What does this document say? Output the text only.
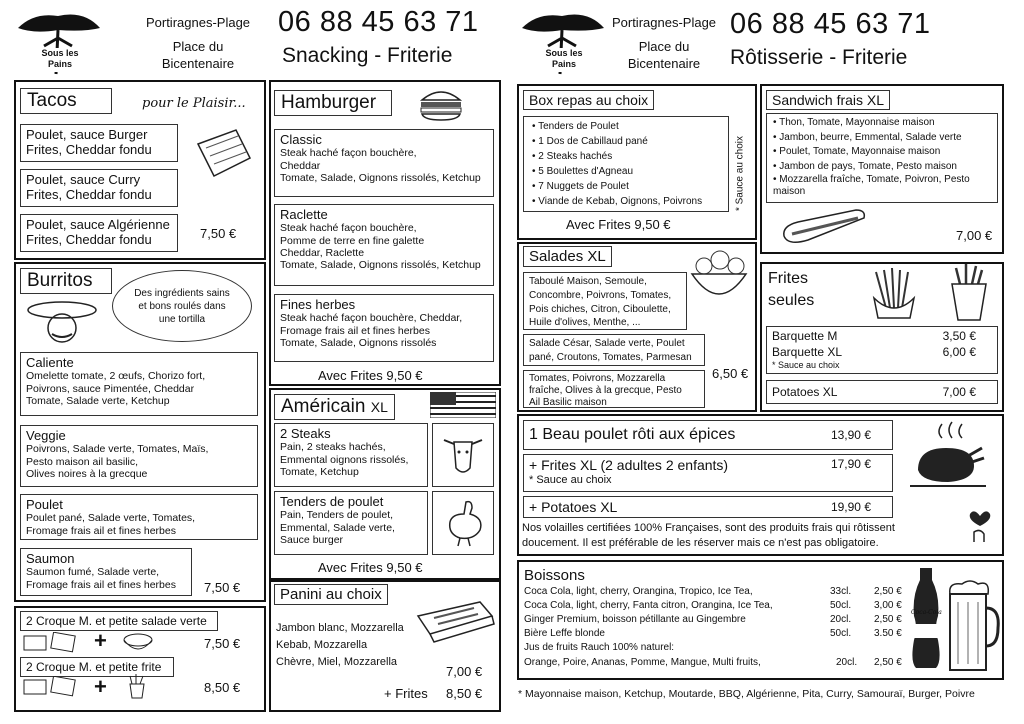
Sous les Pains
Portiragnes-Plage
Place du
Bicentenaire
06 88 45 63 71
Snacking - Friterie	Sous les Pains
Portiragnes-Plage
Place du
Bicentenaire
06 88 45 63 71
Rôtisserie - Friterie
Tacos	pour le Plaisir...
Poulet, sauce Burger
Frites, Cheddar fondu
Poulet, sauce Curry
Frites, Cheddar fondu
Poulet, sauce Algérienne
Frites, Cheddar fondu	7,50 €
Burritos
Des ingrédients sains et bons roulés dans une tortilla
Caliente
Omelette tomate, 2 œufs, Chorizo fort,
Poivrons, sauce Pimentée, Cheddar
Tomate, Salade verte, Ketchup
Veggie
Poivrons, Salade verte, Tomates, Maïs,
Pesto maison ail basilic,
Olives noires à la grecque
Poulet
Poulet pané, Salade verte, Tomates,
Fromage frais ail et fines herbes
Saumon
Saumon fumé, Salade verte,
Fromage frais ail et fines herbes	7,50 €
2 Croque M. et petite salade verte
2 Croque M. et petite frite
7,50 €
8,50 €
+
+
Hamburger
Classic
Steak haché façon bouchère,
Cheddar
Tomate, Salade, Oignons rissolés, Ketchup
Raclette
Steak haché façon bouchère,
Pomme de terre en fine galette
Cheddar, Raclette
Tomate, Salade, Oignons rissolés, Ketchup
Fines herbes
Steak haché façon bouchère, Cheddar,
Fromage frais ail et fines herbes
Tomate, Salade, Oignons rissolés
Avec Frites 9,50 €
Américain XL
2 Steaks
Pain, 2 steaks hachés,
Emmental oignons rissolés,
Tomate, Ketchup
Tenders de poulet
Pain, Tenders de poulet,
Emmental, Salade verte,
Sauce burger
Avec Frites 9,50 €
Panini au choix
Jambon blanc, Mozzarella
Kebab, Mozzarella
Chèvre, Miel, Mozzarella
7,00 €
+ Frites 8,50 €
Box repas au choix
• Tenders de Poulet
• 1 Dos de Cabillaud pané
• 2 Steaks hachés
• 5 Boulettes d'Agneau
• 7 Nuggets de Poulet
• Viande de Kebab, Oignons, Poivrons	* Sauce au choix
Avec Frites 9,50 €
Sandwich frais XL
• Thon, Tomate, Mayonnaise maison
• Jambon, beurre, Emmental, Salade verte
• Poulet, Tomate, Mayonnaise maison
• Jambon de pays, Tomate, Pesto maison
• Mozzarella fraîche, Tomate, Poivron, Pesto maison
7,00 €
Salades XL
Taboulé Maison, Semoule,
Concombre, Poivrons, Tomates,
Pois chiches, Citron, Ciboulette,
Huile d'olives, Menthe, ...
Salade César, Salade verte, Poulet
pané, Croutons, Tomates, Parmesan
Tomates, Poivrons, Mozzarella
fraîche, Olives à la grecque, Pesto
Ail Basilic maison
6,50 €
Frites
seules
Barquette M	3,50 €
Barquette XL	6,00 €
* Sauce au choix
Potatoes XL	7,00 €
1 Beau poulet rôti aux épices	13,90 €
+ Frites XL (2 adultes 2 enfants)	17,90 €
* Sauce au choix
+ Potatoes XL	19,90 €
Nos volailles certifiées 100% Françaises, sont des produits frais qui rôtissent
doucement. Il est préférable de les réserver mais ce n'est pas obligatoire.
Boissons
Coca Cola, light, cherry, Orangina, Tropico, Ice Tea,	33cl. 2,50 €
Coca Cola, light, cherry, Fanta citron, Orangina, Ice Tea,	50cl. 3,00 €
Ginger Premium, boisson pétillante au Gingembre	20cl. 2,50 €
Bière Leffe blonde	50cl. 3.50 €
Jus de fruits Rauch 100% naturel:
Orange, Poire, Ananas, Pomme, Mangue, Multi fruits,	20cl. 2,50 €
Coca-Cola
* Mayonnaise maison, Ketchup, Moutarde, BBQ, Algérienne, Pita, Curry, Samouraï, Burger, Poivre
